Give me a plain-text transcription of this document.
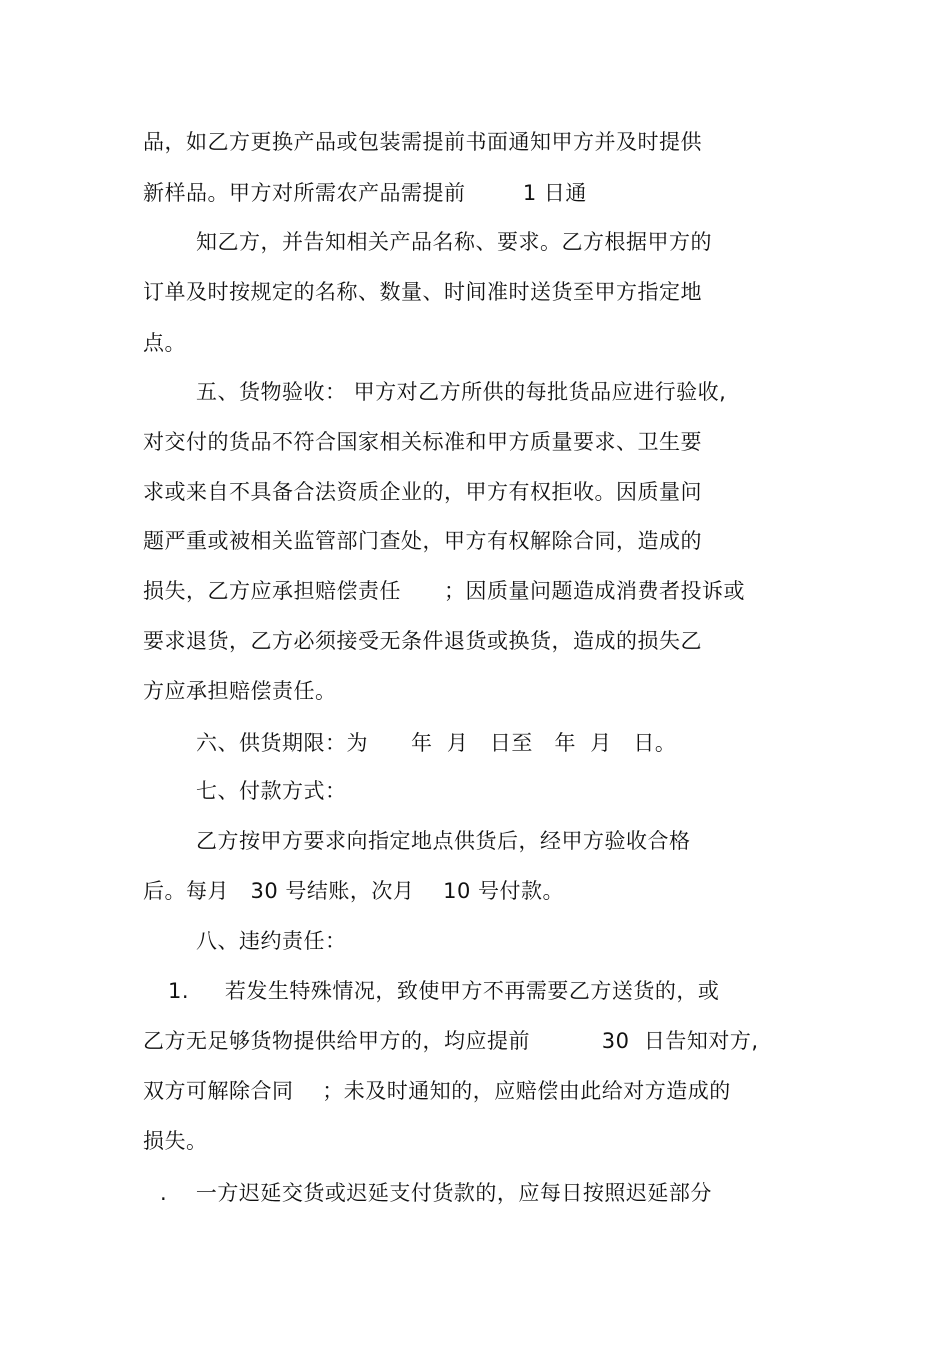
品，如乙方更换产品或包装需提前书面通知甲方并及时提供
新样品。甲方对所需农产品需提前        1 日通
知乙方，并告知相关产品名称、要求。乙方根据甲方的
订单及时按规定的名称、数量、时间准时送货至甲方指定地
点。
五、货物验收： 甲方对乙方所供的每批货品应进行验收,
对交付的货品不符合国家相关标准和甲方质量要求、卫生要
求或来自不具备合法资质企业的，甲方有权拒收。因质量问
题严重或被相关监管部门查处，甲方有权解除合同，造成的
损失，乙方应承担赔偿责任      ；因质量问题造成消费者投诉或
要求退货，乙方必须接受无条件退货或换货，造成的损失乙
方应承担赔偿责任。
六、供货期限：为      年  月   日至   年  月   日。
七、付款方式：
乙方按甲方要求向指定地点供货后，经甲方验收合格
后。每月   30 号结账，次月    10 号付款。
八、违约责任：
1.     若发生特殊情况，致使甲方不再需要乙方送货的，或
乙方无足够货物提供给甲方的，均应提前          30  日告知对方,
双方可解除合同    ；未及时通知的，应赔偿由此给对方造成的
损失。
.    一方迟延交货或迟延支付货款的，应每日按照迟延部分
